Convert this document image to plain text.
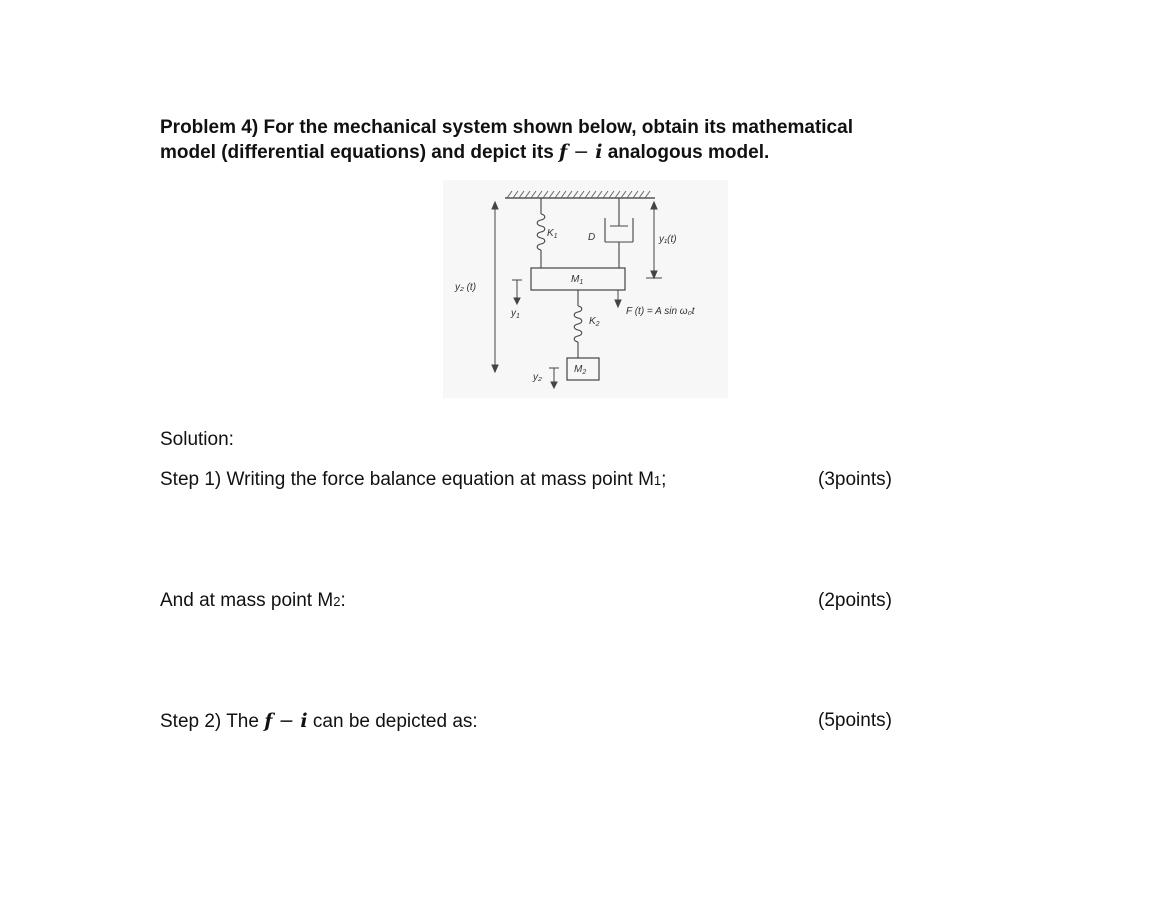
Problem 4) For the mechanical system shown below, obtain its mathematical
model (differential equations) and depict its f − i analogous model.
$K_1$	D	y₁(t)
$M_1$
y₂ (t)
$y_1$	F (t) = A sin ω₀t
$K_2$
$M_2$
y₂
Solution:
Step 1) Writing the force balance equation at mass point M1;	(3points)
And at mass point M2:	(2points)
Step 2) The f − i can be depicted as:	(5points)
